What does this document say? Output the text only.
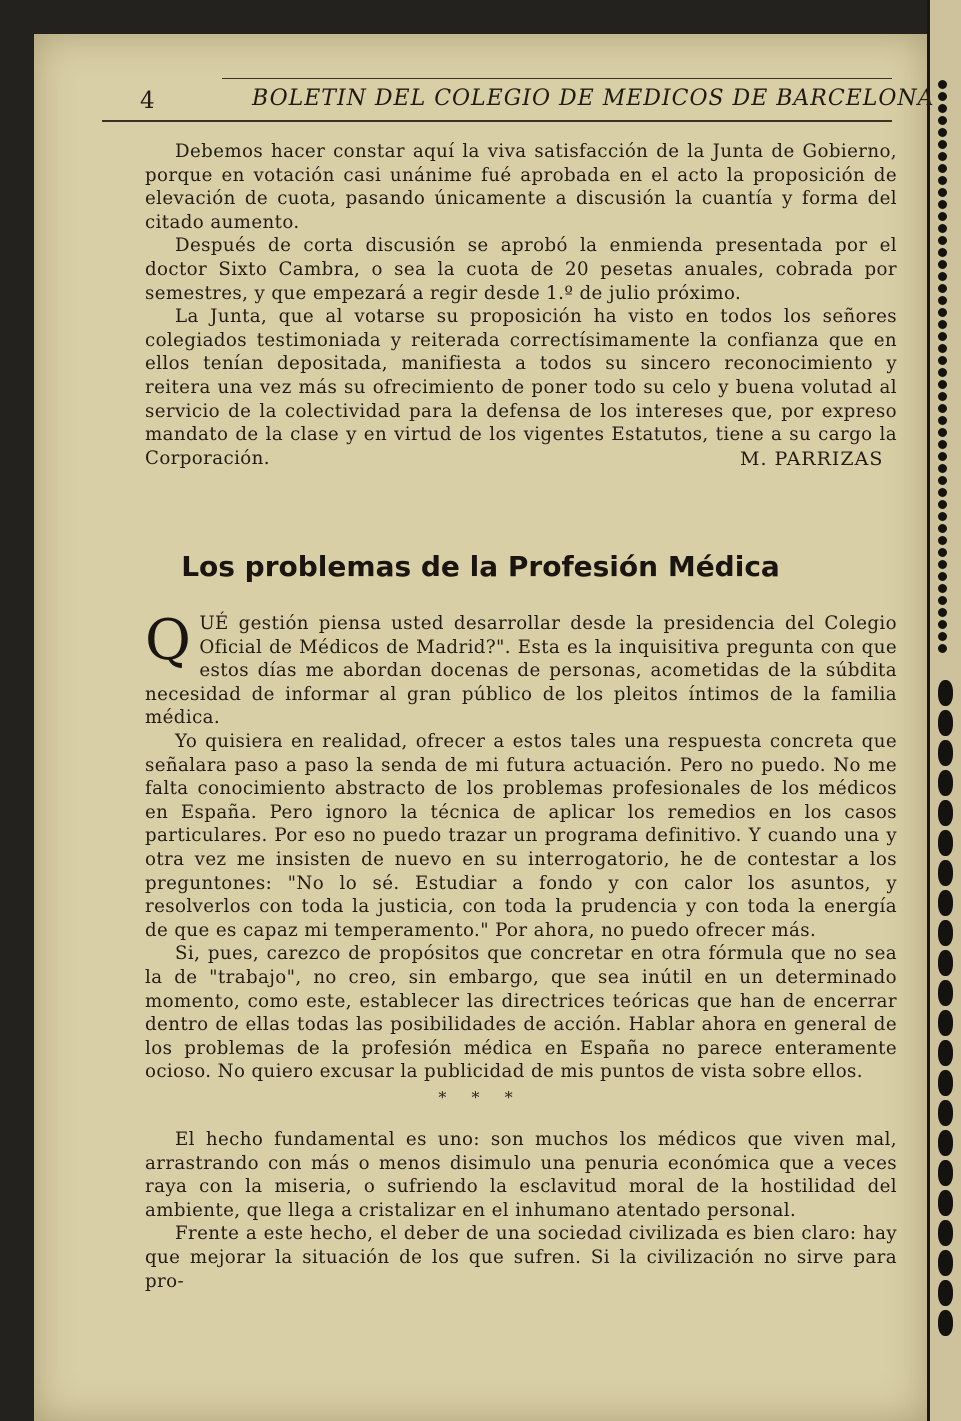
4	BOLETIN DEL COLEGIO DE MEDICOS DE BARCELONA

Debemos hacer constar aquí la viva satisfacción de la Junta de Gobierno, porque en votación casi unánime fué aprobada en el acto la proposición de elevación de cuota, pasando únicamente a discusión la cuantía y forma del citado aumento.

Después de corta discusión se aprobó la enmienda presentada por el doctor Sixto Cambra, o sea la cuota de 20 pesetas anuales, cobrada por semestres, y que empezará a regir desde 1.º de julio próximo.

La Junta, que al votarse su proposición ha visto en todos los señores colegiados testimoniada y reiterada correctísimamente la confianza que en ellos tenían depositada, manifiesta a todos su sincero reconocimiento y reitera una vez más su ofrecimiento de poner todo su celo y buena volutad al servicio de la colectividad para la defensa de los intereses que, por expreso mandato de la clase y en virtud de los vigentes Estatutos, tiene a su cargo la Corporación.	M. PARRIZAS
Los problemas de la Profesión Médica

QUÉ gestión piensa usted desarrollar desde la presidencia del Colegio Oficial de Médicos de Madrid?". Esta es la inquisitiva pregunta con que estos días me abordan docenas de personas, acometidas de la súbdita necesidad de informar al gran público de los pleitos íntimos de la familia médica.

Yo quisiera en realidad, ofrecer a estos tales una respuesta concreta que señalara paso a paso la senda de mi futura actuación. Pero no puedo. No me falta conocimiento abstracto de los problemas profesionales de los médicos en España. Pero ignoro la técnica de aplicar los remedios en los casos particulares. Por eso no puedo trazar un programa definitivo. Y cuando una y otra vez me insisten de nuevo en su interrogatorio, he de contestar a los preguntones: "No lo sé. Estudiar a fondo y con calor los asuntos, y resolverlos con toda la justicia, con toda la prudencia y con toda la energía de que es capaz mi temperamento." Por ahora, no puedo ofrecer más.

Si, pues, carezco de propósitos que concretar en otra fórmula que no sea la de "trabajo", no creo, sin embargo, que sea inútil en un determinado momento, como este, establecer las directrices teóricas que han de encerrar dentro de ellas todas las posibilidades de acción. Hablar ahora en general de los problemas de la profesión médica en España no parece enteramente ocioso. No quiero excusar la publicidad de mis puntos de vista sobre ellos.

* * *

El hecho fundamental es uno: son muchos los médicos que viven mal, arrastrando con más o menos disimulo una penuria económica que a veces raya con la miseria, o sufriendo la esclavitud moral de la hostilidad del ambiente, que llega a cristalizar en el inhumano atentado personal.

Frente a este hecho, el deber de una sociedad civilizada es bien claro: hay que mejorar la situación de los que sufren. Si la civilización no sirve para pro-
